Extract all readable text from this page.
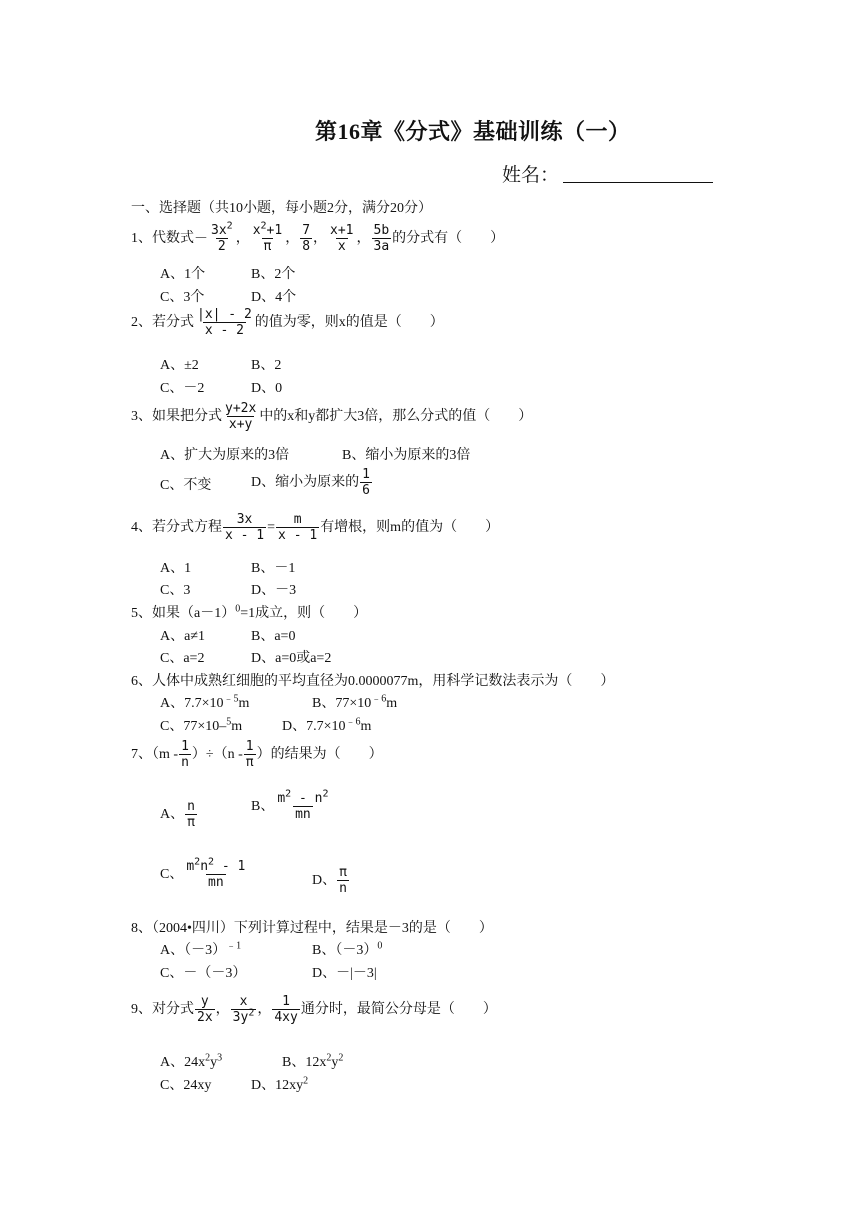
第16章《分式》基础训练（一）
姓名：
一、选择题（共10小题，每小题2分，满分20分）
1、代数式－ $\frac{3x^2}{2}$ ， $\frac{x^2+1}{\pi}$ ， $\frac{7}{8}$ ， $\frac{x+1}{x}$ ， $\frac{5b}{3a}$ 的分式有（　　）
A、1个	B、2个
C、3个	D、4个
2、若分式 $\frac{|x| - 2}{x - 2}$ 的值为零，则x的值是（　　）
A、±2	B、2
C、－2	D、0
3、如果把分式 $\frac{y+2x}{x+y}$ 中的x和y都扩大3倍，那么分式的值（　　）
A、扩大为原来的3倍	B、缩小为原来的3倍
C、不变	D、缩小为原来的 $\frac{1}{6}$
4、若分式方程 $\frac{3x}{x - 1} = \frac{m}{x - 1}$ 有增根，则m的值为（　　）
A、1	B、－1
C、3	D、－3
5、如果$(a-1)^0=1$成立，则（　　）
A、a≠1	B、a=0
C、a=2	D、a=0或a=2
6、人体中成熟红细胞的平均直径为0.0000077m，用科学记数法表示为（　　）
A、$7.7\times 10^{﹣5}m$	B、$77\times 10^{﹣6}m$
C、77×10–$^5$m	D、$7.7\times 10^{﹣6}m$
7、$(m - \frac{1}{n} )\div(n - \frac{1}{\pi}$ ）的结果为（　　）
A、 $\frac{n}{\pi}$	B、 $\frac{m^2 - n^2}{mn}$
C、 $\frac{m^2n^2 - 1}{mn}$	D、 $\frac{\pi}{n}$
8、（2004•四川）下列计算过程中，结果是－3的是（　　）
A、$(-3)^{﹣1}$	B、$(-3)^0$
C、－（－3）	D、－|－3|
9、对分式 $\frac{y}{2x}$ ， $\frac{x}{3y^2}$ ， $\frac{1}{4xy}$ 通分时，最简公分母是（　　）
A、$24x^2y^3$	B、$12x^2y^2$
C、24xy	D、$12xy^2$
